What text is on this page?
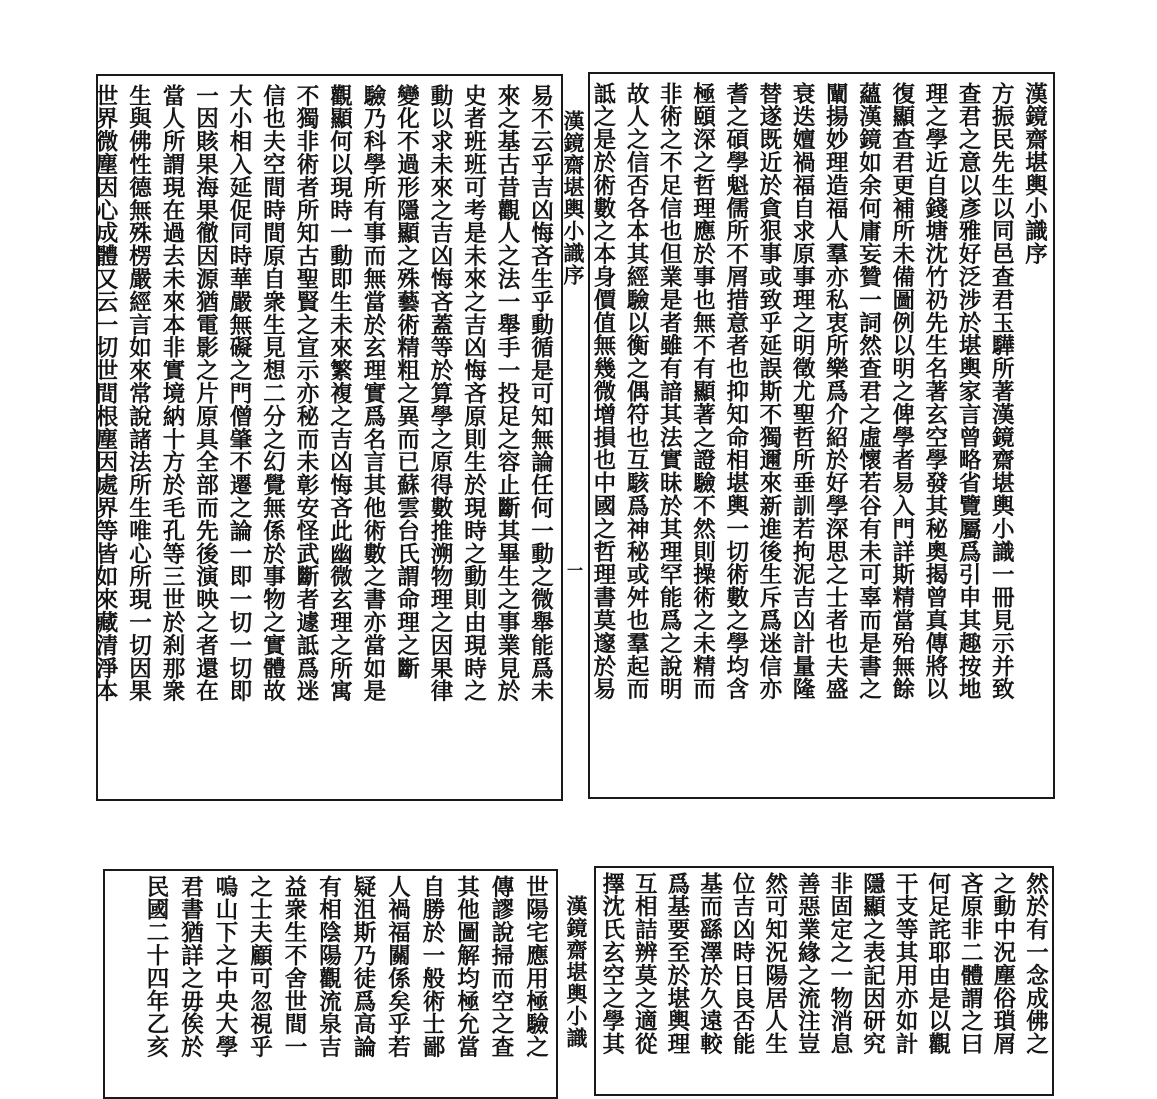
易不云乎吉凶悔吝生乎動循是可知無論任何一動之微舉能爲未
來之基古昔觀人之法一舉手一投足之容止斷其畢生之事業見於
史者班班可考是未來之吉凶悔吝原則生於現時之動則由現時之
動以求未來之吉凶悔吝蓋等於算學之原得數推溯物理之因果律
變化不過形隱顯之殊藝術精粗之異而已蘇雲台氏謂命理之斷
驗乃科學所有事而無當於玄理實爲名言其他術數之書亦當如是
觀顯何以現時一動即生未來繁複之吉凶悔吝此幽微玄理之所寓
不獨非術者所知古聖賢之宣示亦秘而未彰安怪武斷者遽詆爲迷
信也夫空間時間原自衆生見想二分之幻覺無係於事物之實體故
大小相入延促同時華嚴無礙之門僧肇不遷之論一即一切一切即
一因賅果海果徹因源猶電影之片原具全部而先後演映之者還在
當人所謂現在過去未來本非實境納十方於毛孔等三世於刹那衆
生與佛性德無殊楞嚴經言如來常說諸法所生唯心所現一切因果
世界微塵因心成體又云一切世間根塵因處界等皆如來藏清淨本	漢鏡齋堪輿小識序
方振民先生以同邑查君玉驊所著漢鏡齋堪輿小識一冊見示并致
查君之意以彥雅好泛涉於堪輿家言曾略省覽屬爲引申其趣按地
理之學近自錢塘沈竹礽先生名著玄空學發其秘奧揭曾真傳將以
復顯查君更補所未備圖例以明之俾學者易入門詳斯精當殆無餘
蘊漢鏡如余何庸妄贊一詞然查君之虛懷若谷有未可辜而是書之
闡揚妙理造福人羣亦私衷所樂爲介紹於好學深思之士者也夫盛
衰迭嬗禍福自求原事理之明徵尤聖哲所垂訓若拘泥吉凶計量隆
替遂既近於貪狠事或致乎延誤斯不獨邇來新進後生斥爲迷信亦
耆之碩學魁儒所不屑措意者也抑知命相堪輿一切術數之學均含
極頤深之哲理應於事也無不有顯著之證驗不然則操術之未精而
非術之不足信也但業是者雖有諳其法實昧於其理罕能爲之說明
故人之信否各本其經驗以衡之偶符也互駭爲神秘或舛也羣起而
詆之是於術數之本身價值無幾微增損也中國之哲理書莫邃於易
漢鏡齋堪輿小識序
一
世陽宅應用極驗之
傳謬說掃而空之查
其他圖解均極允當
自勝於一般術士鄙
人禍福關係矣乎若
疑沮斯乃徒爲高論
有相陰陽觀流泉吉
益衆生不舍世間一
之士夫顧可忽視乎
嗚山下之中央大學
君書猶詳之毋俟於
民國二十四年乙亥	然於有一念成佛之
之動中況塵俗瑣屑
吝原非二體謂之曰
何足詫耶由是以觀
干支等其用亦如計
隱顯之表記因研究
非固定之一物消息
善惡業緣之流注豈
然可知況陽居人生
位吉凶時日良否能
基而繇澤於久遠較
爲基要至於堪輿理
互相詰辨莫之適從
擇沈氏玄空之學其
漢鏡齋堪輿小識
